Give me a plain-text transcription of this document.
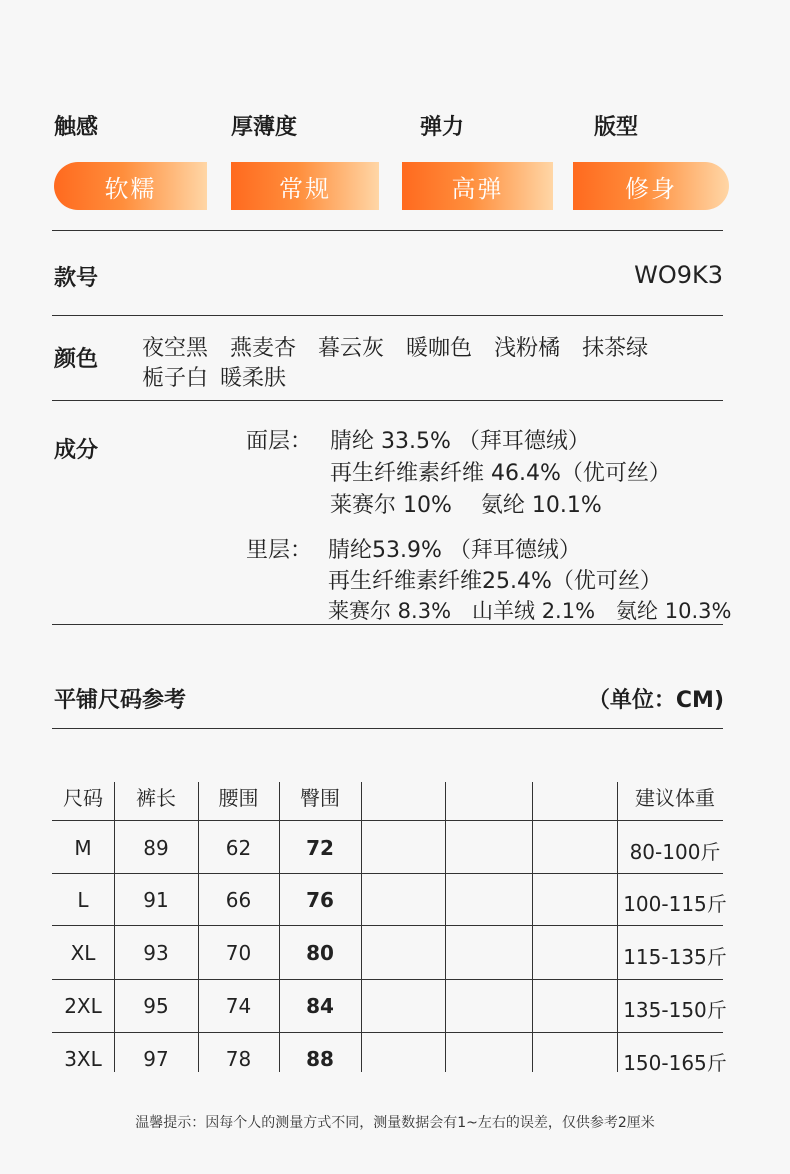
触感	厚薄度	弹力	版型
软糯	常规	高弹	修身
款号	WO9K3
颜色 夜空黑 燕麦杏 暮云灰 暖咖色 浅粉橘 抹茶绿
栀子白 暖柔肤
成分	面层： 腈纶 33.5% （拜耳德绒）
再生纤维素纤维 46.4%（优可丝）
莱赛尔 10%　 氨纶 10.1%
里层： 腈纶53.9% （拜耳德绒）
再生纤维素纤维25.4%（优可丝）
莱赛尔 8.3%　山羊绒 2.1%　氨纶 10.3%
平铺尺码参考	（单位：CM)
尺码	裤长	腰围	臀围	建议体重
M	89	62	72	80-100斤
L	91	66	76	100-115斤
XL	93	70	80	115-135斤
2XL	95	74	84	135-150斤
3XL	97	78	88	150-165斤
温馨提示：因每个人的测量方式不同，测量数据会有1~左右的误差，仅供参考2厘米
